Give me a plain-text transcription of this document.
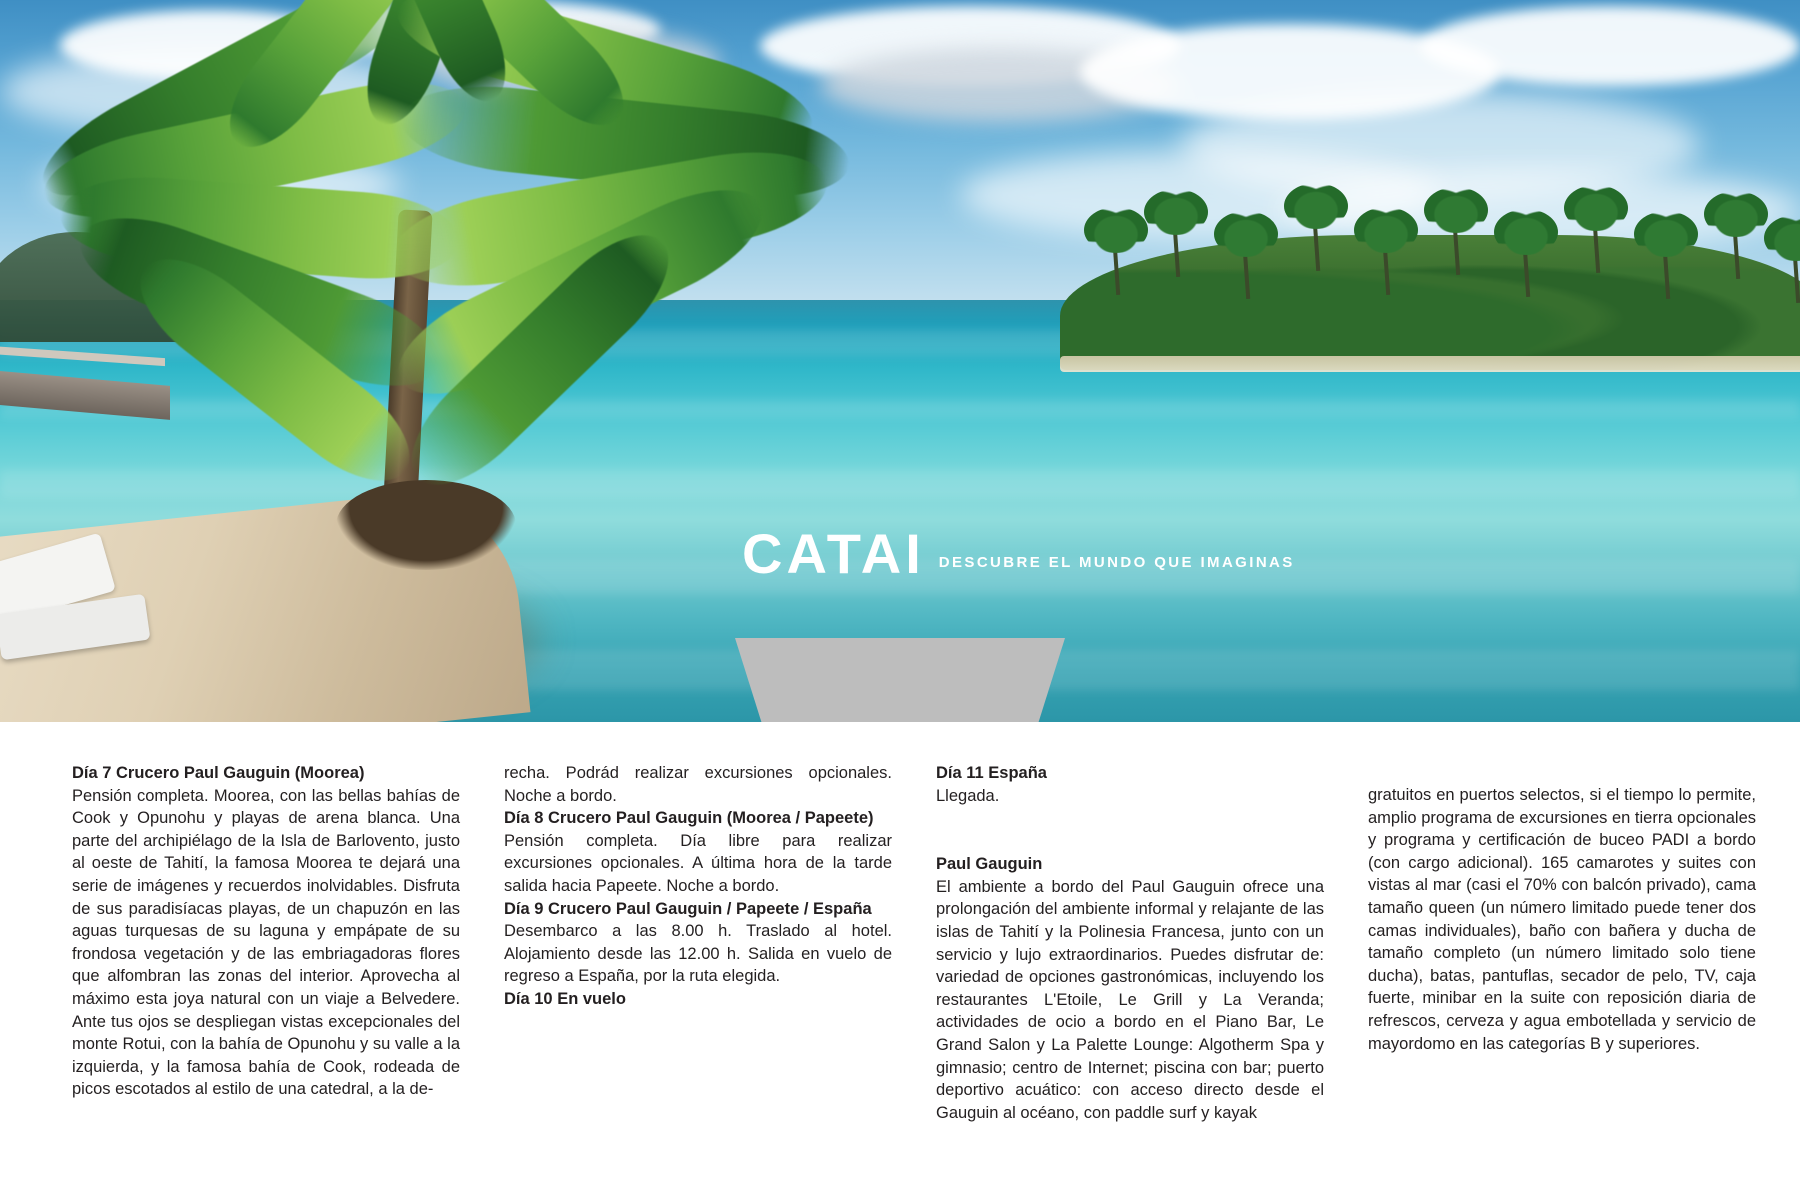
CATAI DESCUBRE EL MUNDO QUE IMAGINAS

Día 7 Crucero Paul Gauguin (Moorea)

Pensión completa. Moorea, con las bellas bahías de Cook y Opunohu y playas de arena blanca. Una parte del archipiélago de la Isla de Barlovento, justo al oeste de Tahití, la famosa Moorea te dejará una serie de imágenes y recuerdos inolvidables. Disfruta de sus paradisíacas playas, de un chapuzón en las aguas turquesas de su laguna y empápate de su frondosa vegetación y de las embriagadoras flores que alfombran las zonas del interior. Aprovecha al máximo esta joya natural con un viaje a Belvedere. Ante tus ojos se despliegan vistas excepcionales del monte Rotui, con la bahía de Opunohu y su valle a la izquierda, y la famosa bahía de Cook, rodeada de picos escotados al estilo de una catedral, a la de-

recha. Podrád realizar excursiones opcionales. Noche a bordo.

Día 8 Crucero Paul Gauguin (Moorea / Papeete)

Pensión completa. Día libre para realizar excursiones opcionales. A última hora de la tarde salida hacia Papeete. Noche a bordo.

Día 9 Crucero Paul Gauguin / Papeete / España

Desembarco a las 8.00 h. Traslado al hotel. Alojamiento desde las 12.00 h. Salida en vuelo de regreso a España, por la ruta elegida.

Día 10 En vuelo

Día 11 España

Llegada.

Paul Gauguin

El ambiente a bordo del Paul Gauguin ofrece una prolongación del ambiente informal y relajante de las islas de Tahití y la Polinesia Francesa, junto con un servicio y lujo extraordinarios. Puedes disfrutar de: variedad de opciones gastronómicas, incluyendo los restaurantes L'Etoile, Le Grill y La Veranda; actividades de ocio a bordo en el Piano Bar, Le Grand Salon y La Palette Lounge: Algotherm Spa y gimnasio; centro de Internet; piscina con bar; puerto deportivo acuático: con acceso directo desde el Gauguin al océano, con paddle surf y kayak

gratuitos en puertos selectos, si el tiempo lo permite, amplio programa de excursiones en tierra opcionales y programa y certificación de buceo PADI a bordo (con cargo adicional). 165 camarotes y suites con vistas al mar (casi el 70% con balcón privado), cama tamaño queen (un número limitado puede tener dos camas individuales), baño con bañera y ducha de tamaño completo (un número limitado solo tiene ducha), batas, pantuflas, secador de pelo, TV, caja fuerte, minibar en la suite con reposición diaria de refrescos, cerveza y agua embotellada y servicio de mayordomo en las categorías B y superiores.
